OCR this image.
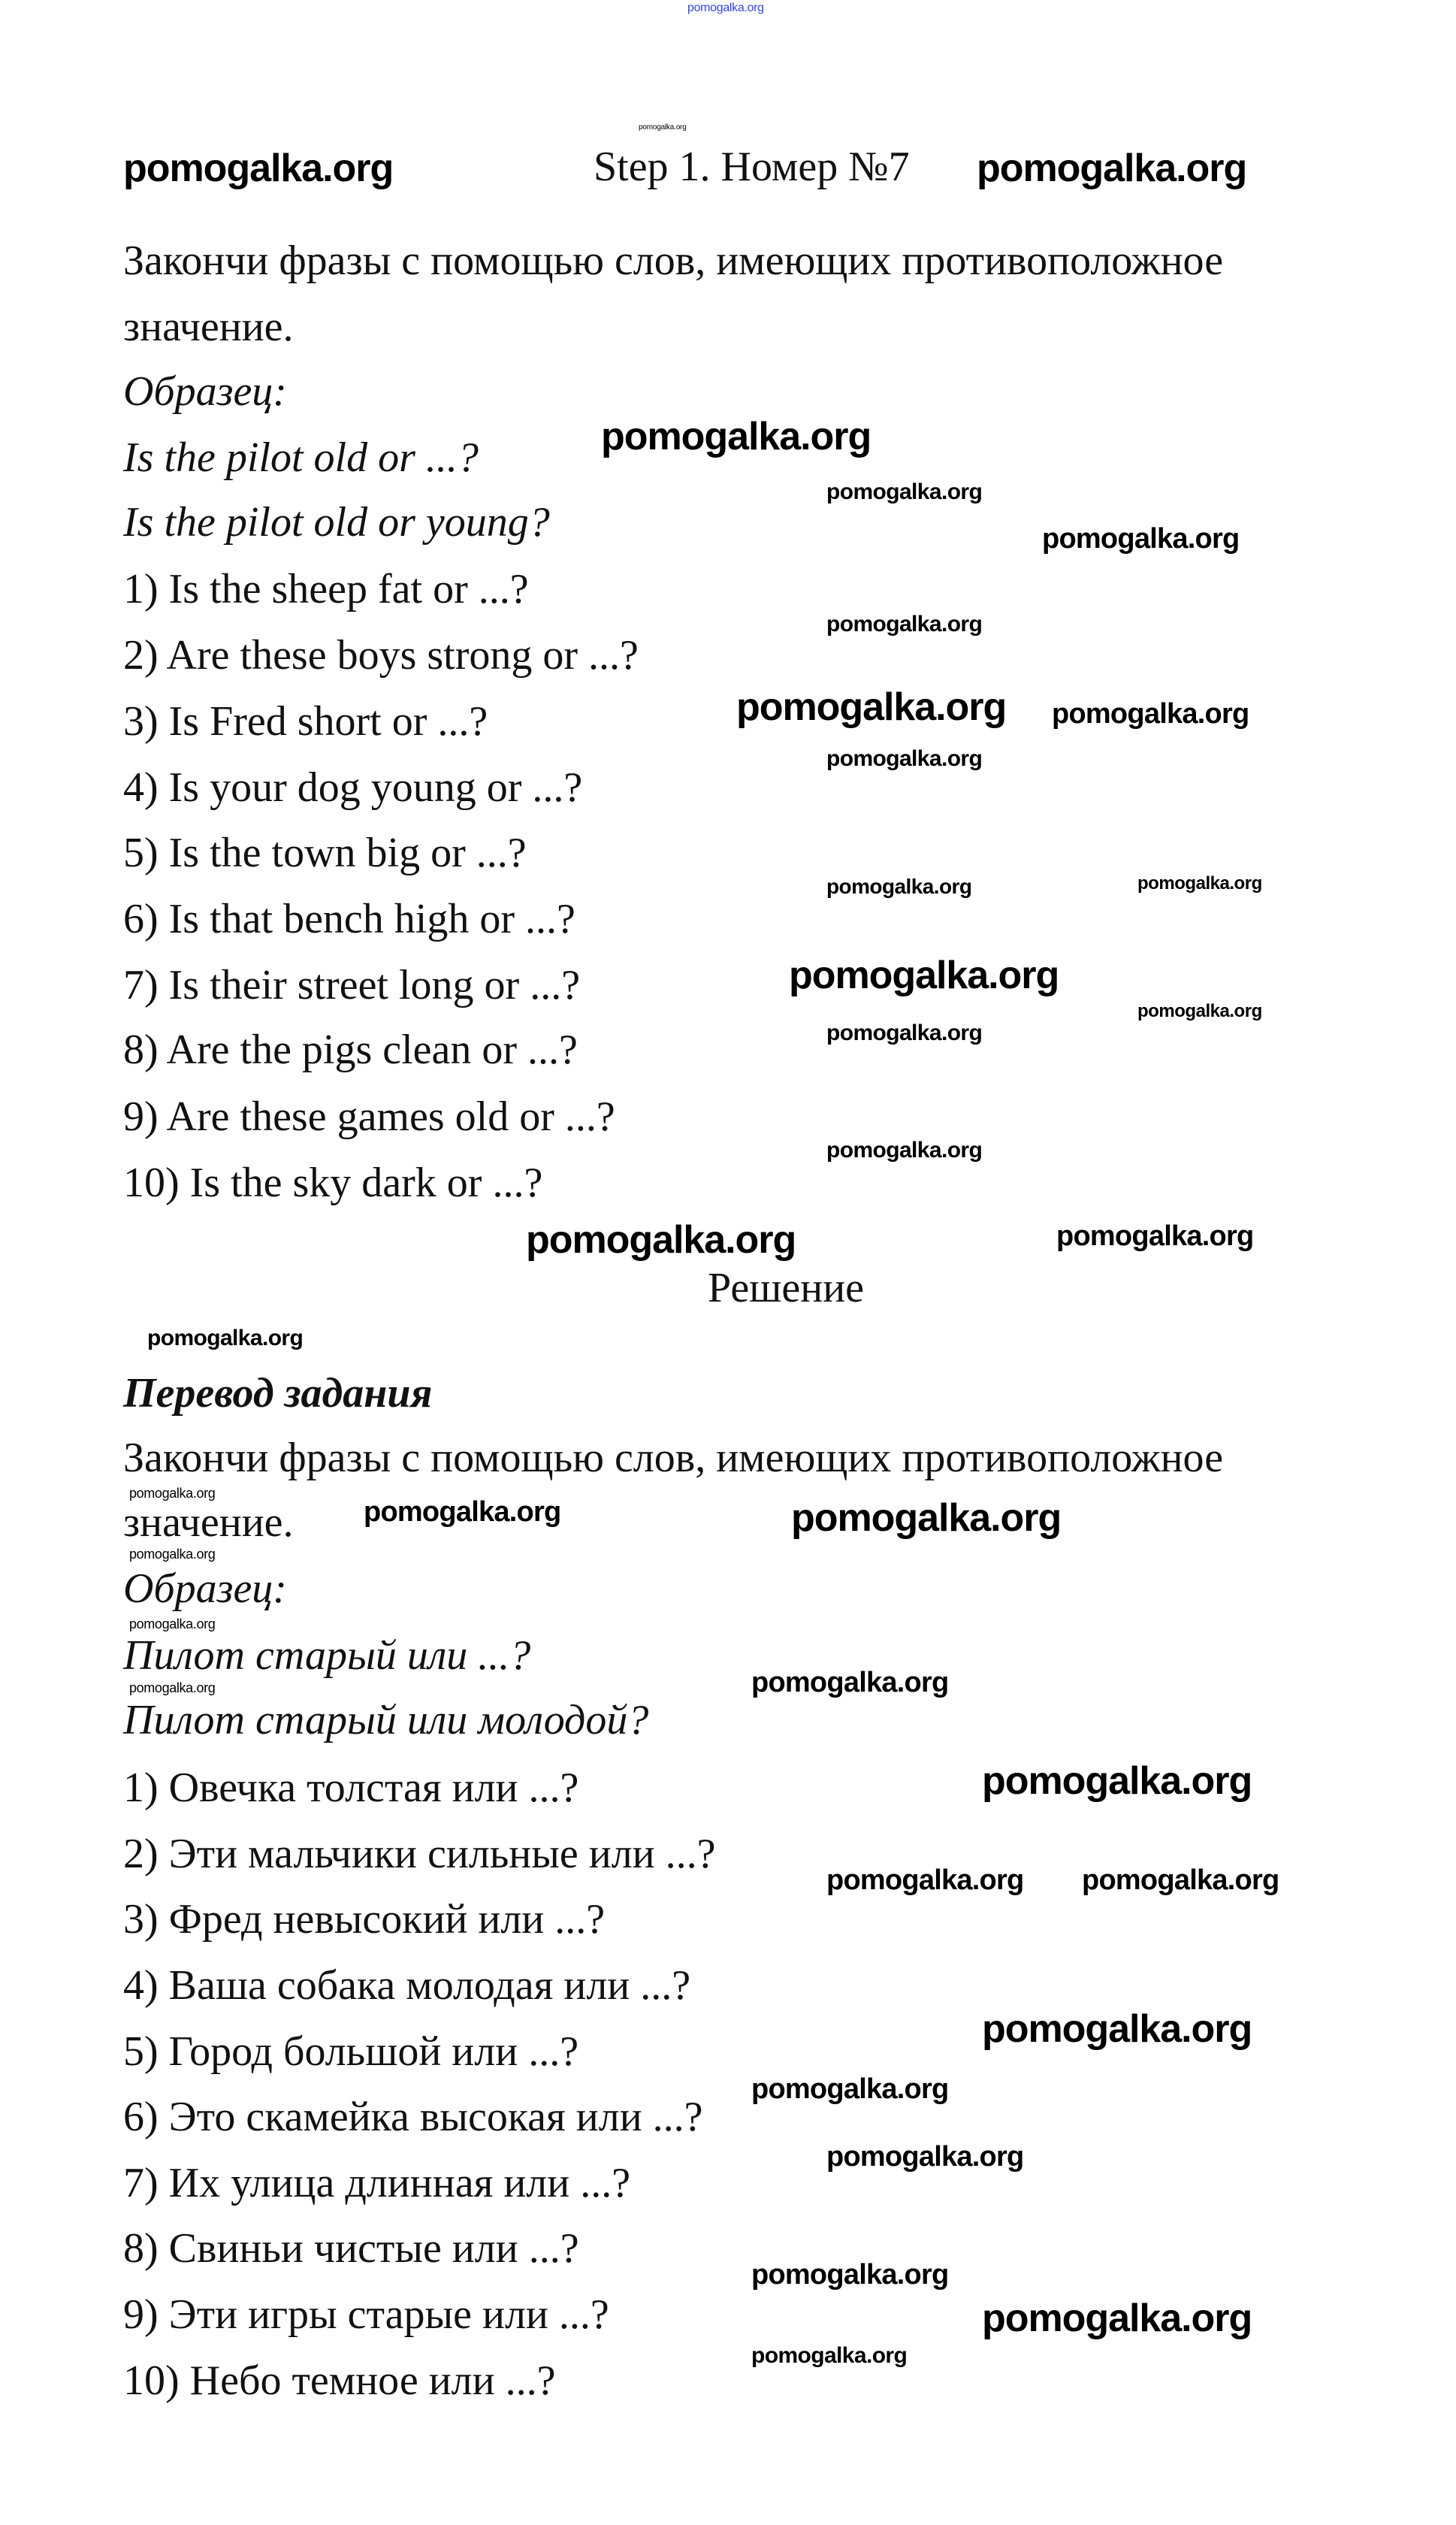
Step 1. Номер №7
Закончи фразы с помощью слов, имеющих противоположное
значение.
Образец:
Is the pilot old or ...?
Is the pilot old or young?
1) Is the sheep fat or ...?
2) Are these boys strong or ...?
3) Is Fred short or ...?
4) Is your dog young or ...?
5) Is the town big or ...?
6) Is that bench high or ...?
7) Is their street long or ...?
8) Are the pigs clean or ...?
9) Are these games old or ...?
10) Is the sky dark or ...?
Решение
Перевод задания
Закончи фразы с помощью слов, имеющих противоположное
значение.
Образец:
Пилот старый или ...?
Пилот старый или молодой?
1) Овечка толстая или ...?
2) Эти мальчики сильные или ...?
3) Фред невысокий или ...?
4) Ваша собака молодая или ...?
5) Город большой или ...?
6) Это скамейка высокая или ...?
7) Их улица длинная или ...?
8) Свиньи чистые или ...?
9) Эти игры старые или ...?
10) Небо темное или ...?
pomogalka.org
pomogalka.org
pomogalka.org
pomogalka.org
pomogalka.org
pomogalka.org
pomogalka.org
pomogalka.org
pomogalka.org pomogalka.org
pomogalka.org
pomogalka.org	pomogalka.org
pomogalka.org
pomogalka.org
pomogalka.org
pomogalka.org
pomogalka.org	pomogalka.org
pomogalka.org
pomogalka.org
pomogalka.org	pomogalka.org
pomogalka.org
pomogalka.org
pomogalka.org
pomogalka.org
pomogalka.org
pomogalka.org pomogalka.org
pomogalka.org
pomogalka.org
pomogalka.org
pomogalka.org
pomogalka.org
pomogalka.org
